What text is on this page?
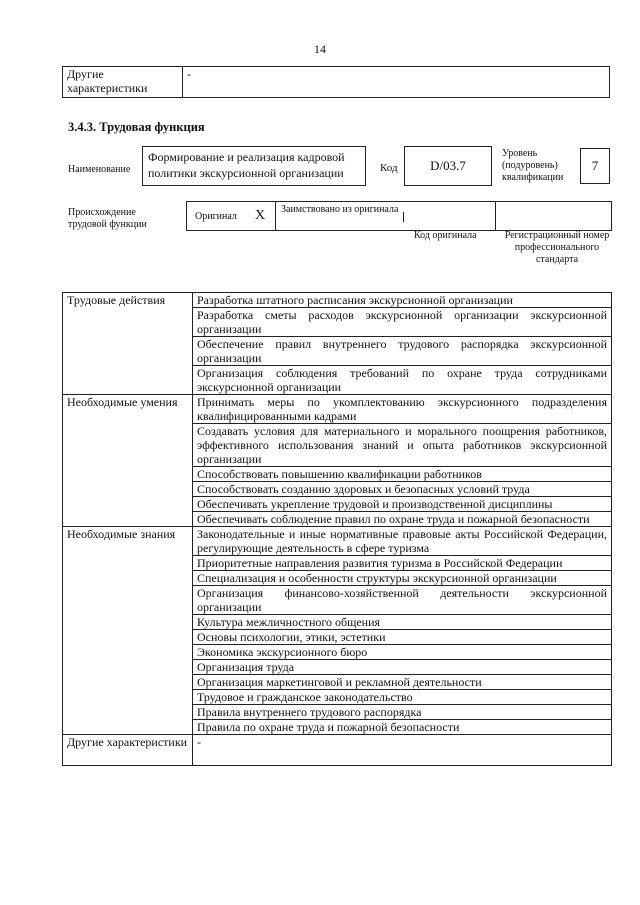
14
Другие характеристики	-
3.4.3. Трудовая функция
Наименование
Формирование и реализация кадровой политики экскурсионной организации	Код	D/03.7
Уровень (подуровень) квалификации
7
Происхождение трудовой функции
Оригинал X Заимствовано из оригинала
Код оригинала	Регистрационный номер профессионального стандарта
Трудовые действия	Разработка штатного расписания экскурсионной организации
	Разработка сметы расходов экскурсионной организации экскурсионной организации
	Обеспечение правил внутреннего трудового распорядка экскурсионной организации
	Организация соблюдения требований по охране труда сотрудниками экскурсионной организации
Необходимые умения	Принимать меры по укомплектованию экскурсионного подразделения квалифицированными кадрами
	Создавать условия для материального и морального поощрения работников, эффективного использования знаний и опыта работников экскурсионной организации
	Способствовать повышению квалификации работников
	Способствовать созданию здоровых и безопасных условий труда
	Обеспечивать укрепление трудовой и производственной дисциплины
	Обеспечивать соблюдение правил по охране труда и пожарной безопасности
Необходимые знания	Законодательные и иные нормативные правовые акты Российской Федерации, регулирующие деятельность в сфере туризма
	Приоритетные направления развития туризма в Российской Федерации
	Специализация и особенности структуры экскурсионной организации
	Организация финансово-хозяйственной деятельности экскурсионной организации
	Культура межличностного общения
	Основы психологии, этики, эстетики
	Экономика экскурсионного бюро
	Организация труда
	Организация маркетинговой и рекламной деятельности
	Трудовое и гражданское законодательство
	Правила внутреннего трудового распорядка
	Правила по охране труда и пожарной безопасности
Другие характеристики	-
